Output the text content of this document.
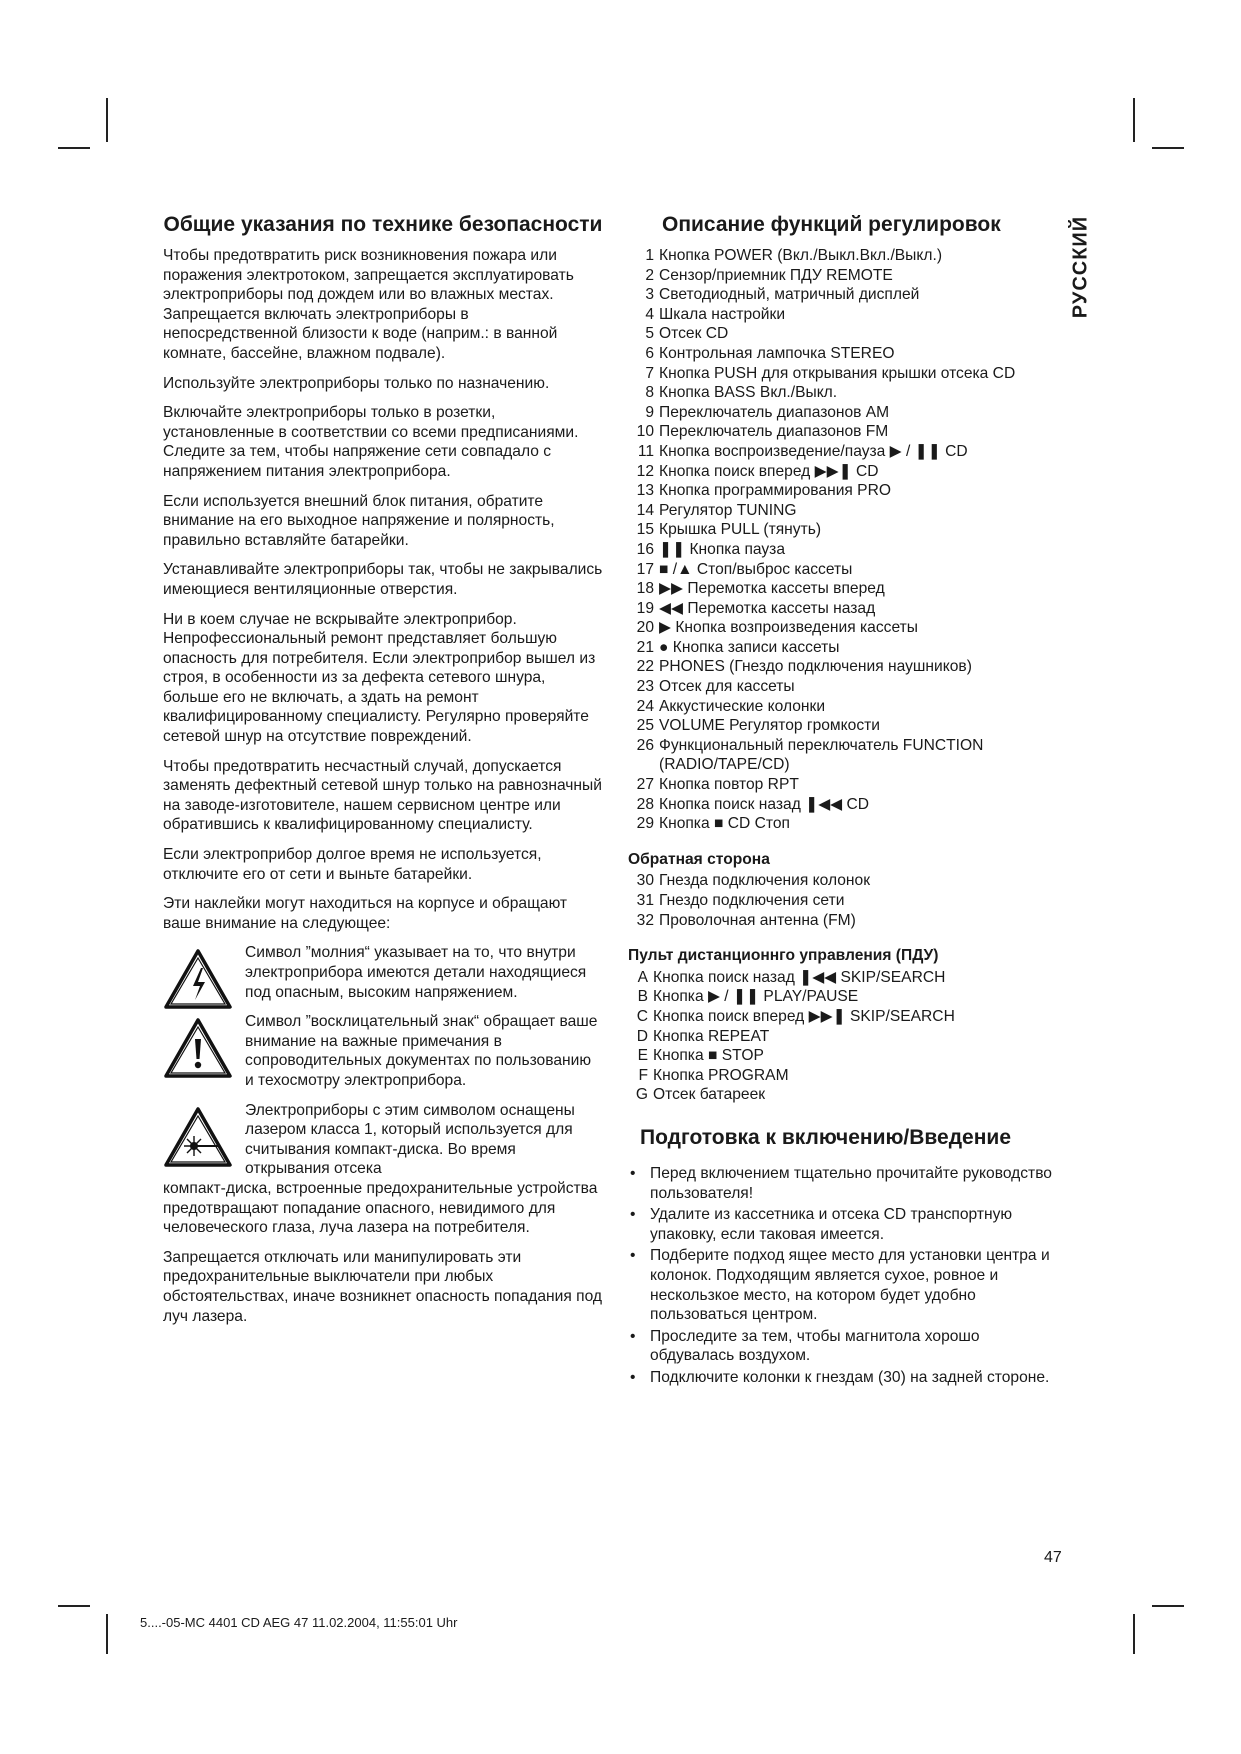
Общие указания по технике безопасности

Чтобы предотвратить риск возникновения пожара или поражения электротоком, запрещается эксплуатировать электроприборы под дождем или во влажных местах. Запрещается включать электроприборы в непосредственной близости к воде (наприм.: в ванной комнате, бассейне, влажном подвале).

Используйте электроприборы только по назначению.

Включайте электроприборы только в розетки, установленные в соответствии со всеми предписаниями. Следите за тем, чтобы напряжение сети совпадало с напряжением питания электроприбора.

Если используется внешний блок питания, обратите внимание на его выходное напряжение и полярность, правильно вставляйте батарейки.

Устанавливайте электроприборы так, чтобы не закрывались имеющиеся вентиляционные отверстия.

Ни в коем случае не вскрывайте электроприбор. Непрофессиональный ремонт представляет большую опасность для потребителя. Если электроприбор вышел из строя, в особенности из за дефекта сетевого шнура, больше его не включать, а здать на ремонт квалифицированному специалисту. Регулярно проверяйте сетевой шнур на отсутствие повреждений.

Чтобы предотвратить несчастный случай, допускается заменять дефектный сетевой шнур только на равнозначный на заводе-изготовителе, нашем сервисном центре или обратившись к квалифицированному специалисту.

Если электроприбор долгое время не используется, отключите его от сети и выньте батарейки.

Эти наклейки могут находиться на корпусе и обращают ваше внимание на следующее:

Символ ”молния“ указывает на то, что внутри электроприбора имеются детали находящиеся под опасным, высоким напряжением.

Символ ”восклицательный знак“ обращает ваше внимание на важные примечания в сопроводительных документах по пользованию и техосмотру электроприбора.

Электроприборы с этим символом оснащены лазером класса 1, который используется для считывания компакт-диска. Во время открывания отсека

компакт-диска, встроенные предохранительные устройства предотвращают попадание опасного, невидимого для человеческого глаза, луча лазера на потребителя.

Запрещается отключать или манипулировать эти предохранительные выключатели при любых обстоятельствах, иначе возникнет опасность попадания под луч лазера.

Описание функций регулировок
1 Кнопка POWER (Вкл./Выкл.Вкл./Выкл.)
2 Сензор/приемник ПДУ REMOTE
3 Светодиодный, матричный дисплей
4 Шкала настройки
5 Отсек CD
6 Контрольная лампочка STEREO
7 Кнопка PUSH для открывания крышки отсека CD
8 Кнопка BASS Вкл./Выкл.
9 Переключатель диапазонов AM
10 Переключатель диапазонов FM
11 Кнопка воспроизведение/пауза ▶ / ❚❚ CD
12 Кнопка поиск вперед ▶▶❚ CD
13 Кнопка программирования PRO
14 Регулятор TUNING
15 Крышка PULL (тянуть)
16 ❚❚ Кнопка пауза
17 ■ /▲ Стоп/выброс кассеты
18 ▶▶ Перемотка кассеты вперед
19 ◀◀ Перемотка кассеты назад
20 ▶ Кнопка возпроизведения кассеты
21 ● Кнопка записи кассеты
22 PHONES (Гнездо подключения наушников)
23 Отсек для кассеты
24 Аккустические колонки
25 VOLUME Регулятор громкости
26 Функциональный переключатель FUNCTION
(RADIO/TAPE/CD)
27 Кнопка повтор RPT
28 Кнопка поиск назад ❚◀◀ CD
29 Кнопка ■ CD Стоп
Обратная сторона
30 Гнезда подключения колонок
31 Гнездо подключения сети
32 Проволочная антенна (FM)
Пульт дистанционнго управления (ПДУ)
A Кнопка поиск назад ❚◀◀ SKIP/SEARCH
B Кнопка ▶ / ❚❚ PLAY/PAUSE
C Кнопка поиск вперед ▶▶❚ SKIP/SEARCH
D Кнопка REPEAT
E Кнопка ■ STOP
F Кнопка PROGRAM
G Отсек батареек
Подготовка к включению/Введение
• Перед включением тщательно прочитайте руководство пользователя!
• Удалите из кассетника и отсека CD транспортную упаковку, если таковая имеется.
• Подберите подход ящее место для установки центра и колонок. Подходящим является сухое, ровное и нескользкое место, на котором будет удобно пользоваться центром.
• Проследите за тем, чтобы магнитола хорошо обдувалась воздухом.
• Подключите колонки к гнездам (30) на задней стороне.
РУССКИЙ
47
5....-05-MC 4401 CD AEG 47 11.02.2004, 11:55:01 Uhr
